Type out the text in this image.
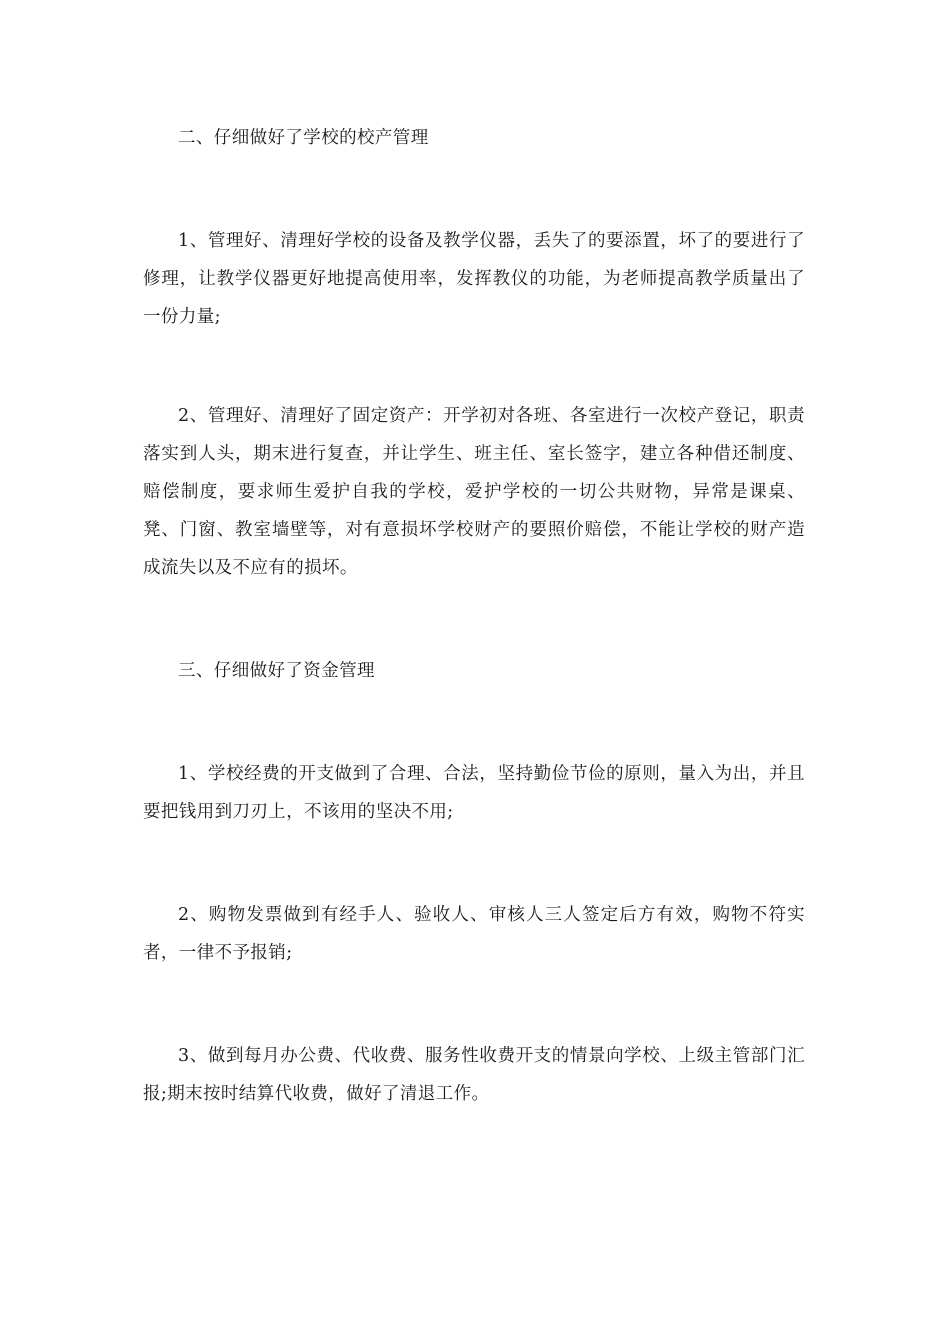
二、仔细做好了学校的校产管理

1、管理好、清理好学校的设备及教学仪器，丢失了的要添置，坏了的要进行了修理，让教学仪器更好地提高使用率，发挥教仪的功能，为老师提高教学质量出了一份力量;

2、管理好、清理好了固定资产：开学初对各班、各室进行一次校产登记，职责落实到人头，期末进行复查，并让学生、班主任、室长签字，建立各种借还制度、赔偿制度，要求师生爱护自我的学校，爱护学校的一切公共财物，异常是课桌、凳、门窗、教室墙壁等，对有意损坏学校财产的要照价赔偿，不能让学校的财产造成流失以及不应有的损坏。

三、仔细做好了资金管理

1、学校经费的开支做到了合理、合法，坚持勤俭节俭的原则，量入为出，并且要把钱用到刀刃上，不该用的坚决不用;

2、购物发票做到有经手人、验收人、审核人三人签定后方有效，购物不符实者，一律不予报销;

3、做到每月办公费、代收费、服务性收费开支的情景向学校、上级主管部门汇报;期末按时结算代收费，做好了清退工作。
